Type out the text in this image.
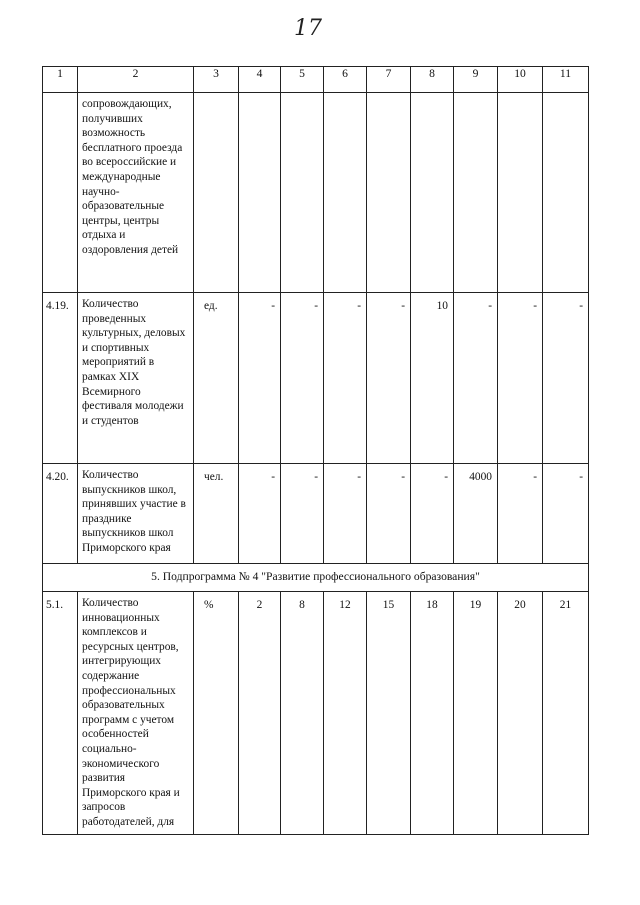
17
1	2	3	4	5	6	7	8	9	10	11
	сопровождающих, получивших возможность бесплатного проезда во всероссийские и международные научно-образовательные центры, центры отдыха и оздоровления детей									
4.19.	Количество проведенных культурных, деловых и спортивных мероприятий в рамках XIX Всемирного фестиваля молодежи и студентов	ед.	-	-	-	-	10	-	-	-
4.20.	Количество выпускников школ, принявших участие в празднике выпускников школ Приморского края	чел.	-	-	-	-	-	4000	-	-
5. Подпрограмма № 4 "Развитие профессионального образования"										
5.1.	Количество инновационных комплексов и ресурсных центров, интегрирующих содержание профессиональных образовательных программ с учетом особенностей социально-экономического развития Приморского края и запросов работодателей, для	%	2	8	12	15	18	19	20	21
